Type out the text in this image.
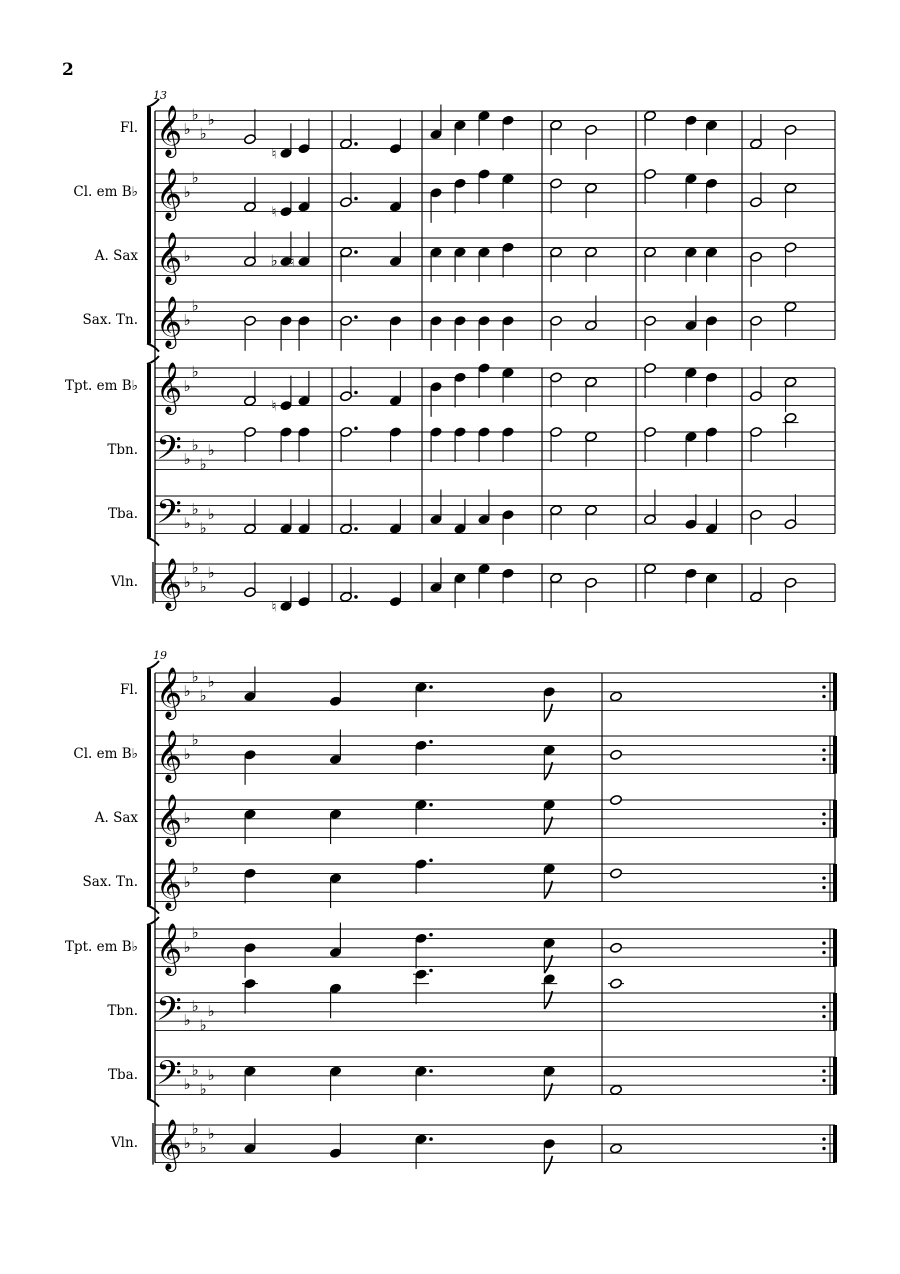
2
13
19
Fl.
Cl. em B♭
A. Sax
Sax. Tn.
Tpt. em B♭
Tbn.
Tba.
Vln.
Fl.
Cl. em B♭
A. Sax
Sax. Tn.
Tpt. em B♭
Tbn.
Tba.
Vln.
𝄞 ♭
♭
♭
♭
♮
𝄞 ♭
♭
♮
𝄞 ♭	♭ ♮
𝄞 ♭
♭
𝄞 ♭
♭
♮
𝄢 ♭
♭
♭
♭
𝄢 ♭
♭
♭
♭
𝄞 ♭
♭
♭
♭
♮
𝄞 ♭
♭
♭
♭
𝄞 ♭
♭
𝄞 ♭
𝄞 ♭
♭
𝄞 ♭
♭
𝄢 ♭
♭
♭
♭
𝄢 ♭
♭
♭
♭
𝄞 ♭
♭
♭
♭
